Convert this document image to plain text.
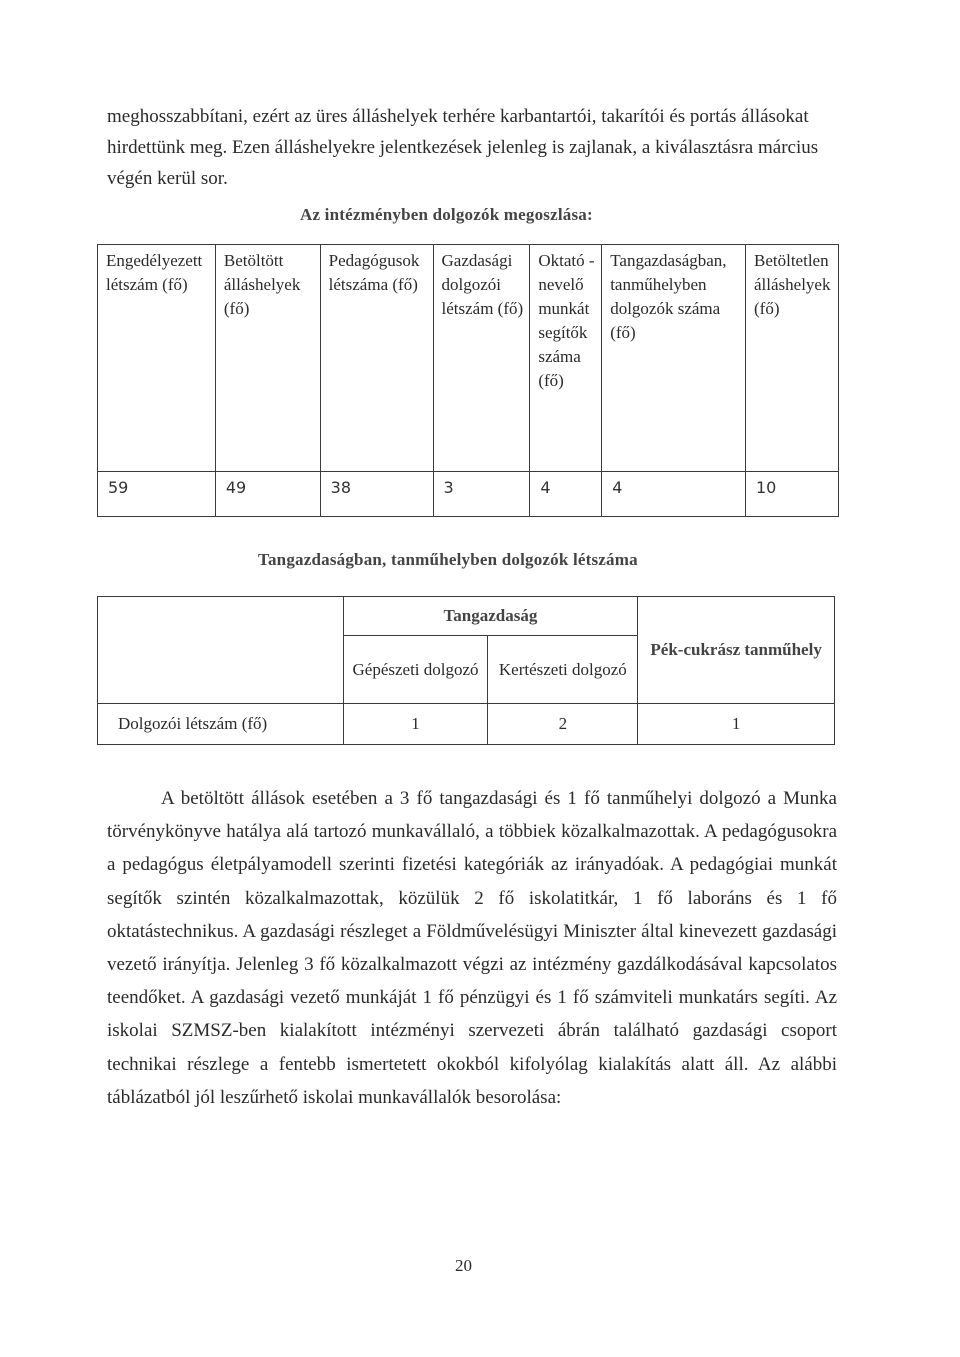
meghosszabbítani, ezért az üres álláshelyek terhére karbantartói, takarítói és portás állásokat hirdettünk meg. Ezen álláshelyekre jelentkezések jelenleg is zajlanak, a kiválasztásra március végén kerül sor.
Az intézményben dolgozók megoszlása:
Engedélyezett létszám (fő)	Betöltött álláshelyek (fő)	Pedagógusok létszáma (fő)	Gazdasági dolgozói létszám (fő)	Oktató - nevelő munkát segítők száma (fő)	Tangazdaságban, tanműhelyben dolgozók száma (fő)	Betöltetlen álláshelyek (fő)
59	49	38	3	4	4	10
Tangazdaságban, tanműhelyben dolgozók létszáma
	Tangazdaság		Pék-cukrász tanműhely
	Gépészeti dolgozó	Kertészeti dolgozó	
Dolgozói létszám (fő)	1	2	1

A betöltött állások esetében a 3 fő tangazdasági és 1 fő tanműhelyi dolgozó a Munka törvénykönyve hatálya alá tartozó munkavállaló, a többiek közalkalmazottak. A pedagógusokra a pedagógus életpályamodell szerinti fizetési kategóriák az irányadóak. A pedagógiai munkát segítők szintén közalkalmazottak, közülük 2 fő iskolatitkár, 1 fő laboráns és 1 fő oktatástechnikus. A gazdasági részleget a Földművelésügyi Miniszter által kinevezett gazdasági vezető irányítja. Jelenleg 3 fő közalkalmazott végzi az intézmény gazdálkodásával kapcsolatos teendőket. A gazdasági vezető munkáját 1 fő pénzügyi és 1 fő számviteli munkatárs segíti. Az iskolai SZMSZ-ben kialakított intézményi szervezeti ábrán található gazdasági csoport technikai részlege a fentebb ismertetett okokból kifolyólag kialakítás alatt áll. Az alábbi táblázatból jól leszűrhető iskolai munkavállalók besorolása:

20
